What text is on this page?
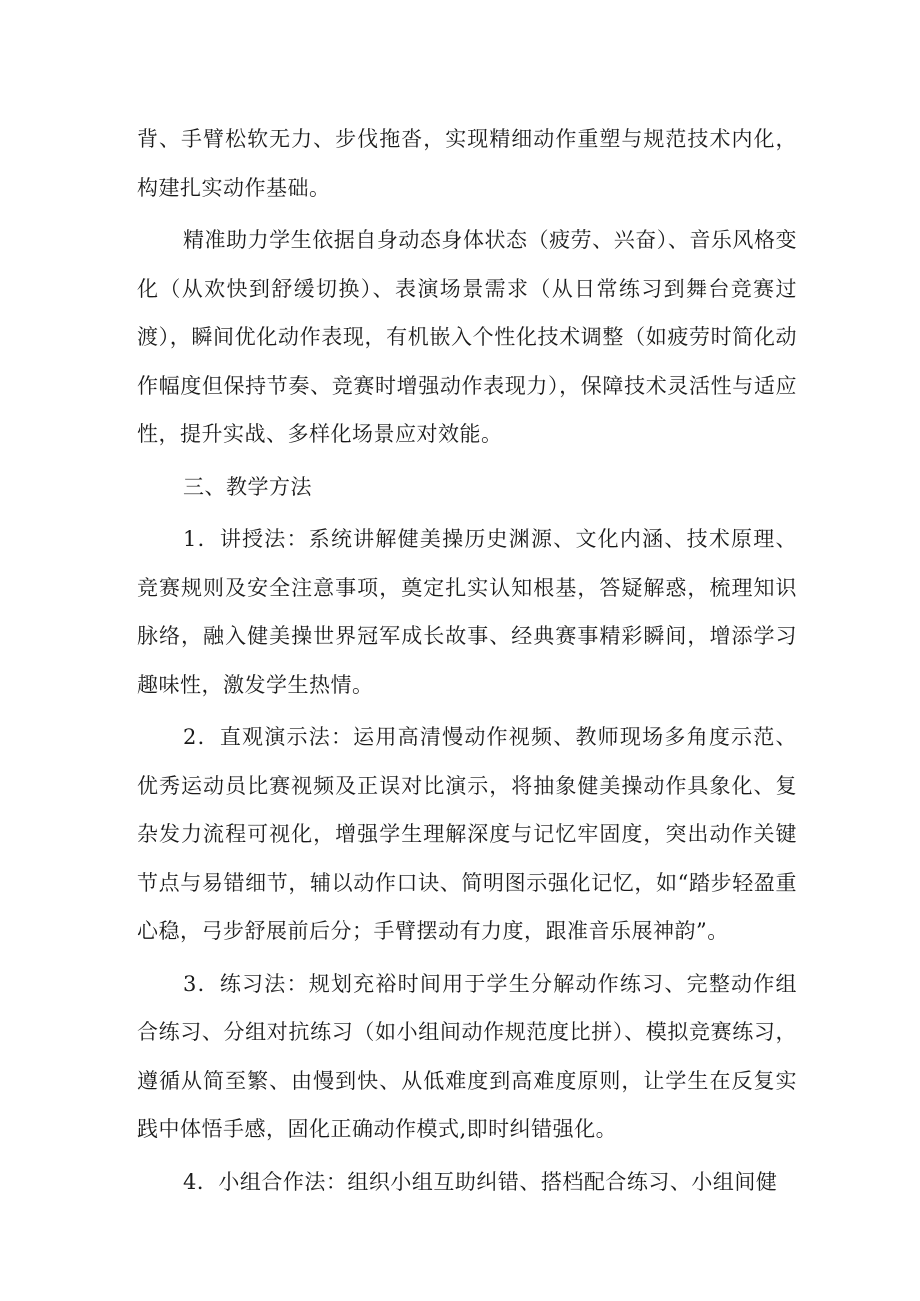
背、手臂松软无力、步伐拖沓，实现精细动作重塑与规范技术内化，构建扎实动作基础。

精准助力学生依据自身动态身体状态（疲劳、兴奋）、音乐风格变化（从欢快到舒缓切换）、表演场景需求（从日常练习到舞台竞赛过渡），瞬间优化动作表现，有机嵌入个性化技术调整（如疲劳时简化动作幅度但保持节奏、竞赛时增强动作表现力），保障技术灵活性与适应性，提升实战、多样化场景应对效能。

三、教学方法

1．讲授法：系统讲解健美操历史渊源、文化内涵、技术原理、竞赛规则及安全注意事项，奠定扎实认知根基，答疑解惑，梳理知识脉络，融入健美操世界冠军成长故事、经典赛事精彩瞬间，增添学习趣味性，激发学生热情。

2．直观演示法：运用高清慢动作视频、教师现场多角度示范、优秀运动员比赛视频及正误对比演示，将抽象健美操动作具象化、复杂发力流程可视化，增强学生理解深度与记忆牢固度，突出动作关键节点与易错细节，辅以动作口诀、简明图示强化记忆，如“踏步轻盈重心稳，弓步舒展前后分；手臂摆动有力度，跟准音乐展神韵”。

3．练习法：规划充裕时间用于学生分解动作练习、完整动作组合练习、分组对抗练习（如小组间动作规范度比拼）、模拟竞赛练习，遵循从简至繁、由慢到快、从低难度到高难度原则，让学生在反复实践中体悟手感，固化正确动作模式,即时纠错强化。

4．小组合作法：组织小组互助纠错、搭档配合练习、小组间健
